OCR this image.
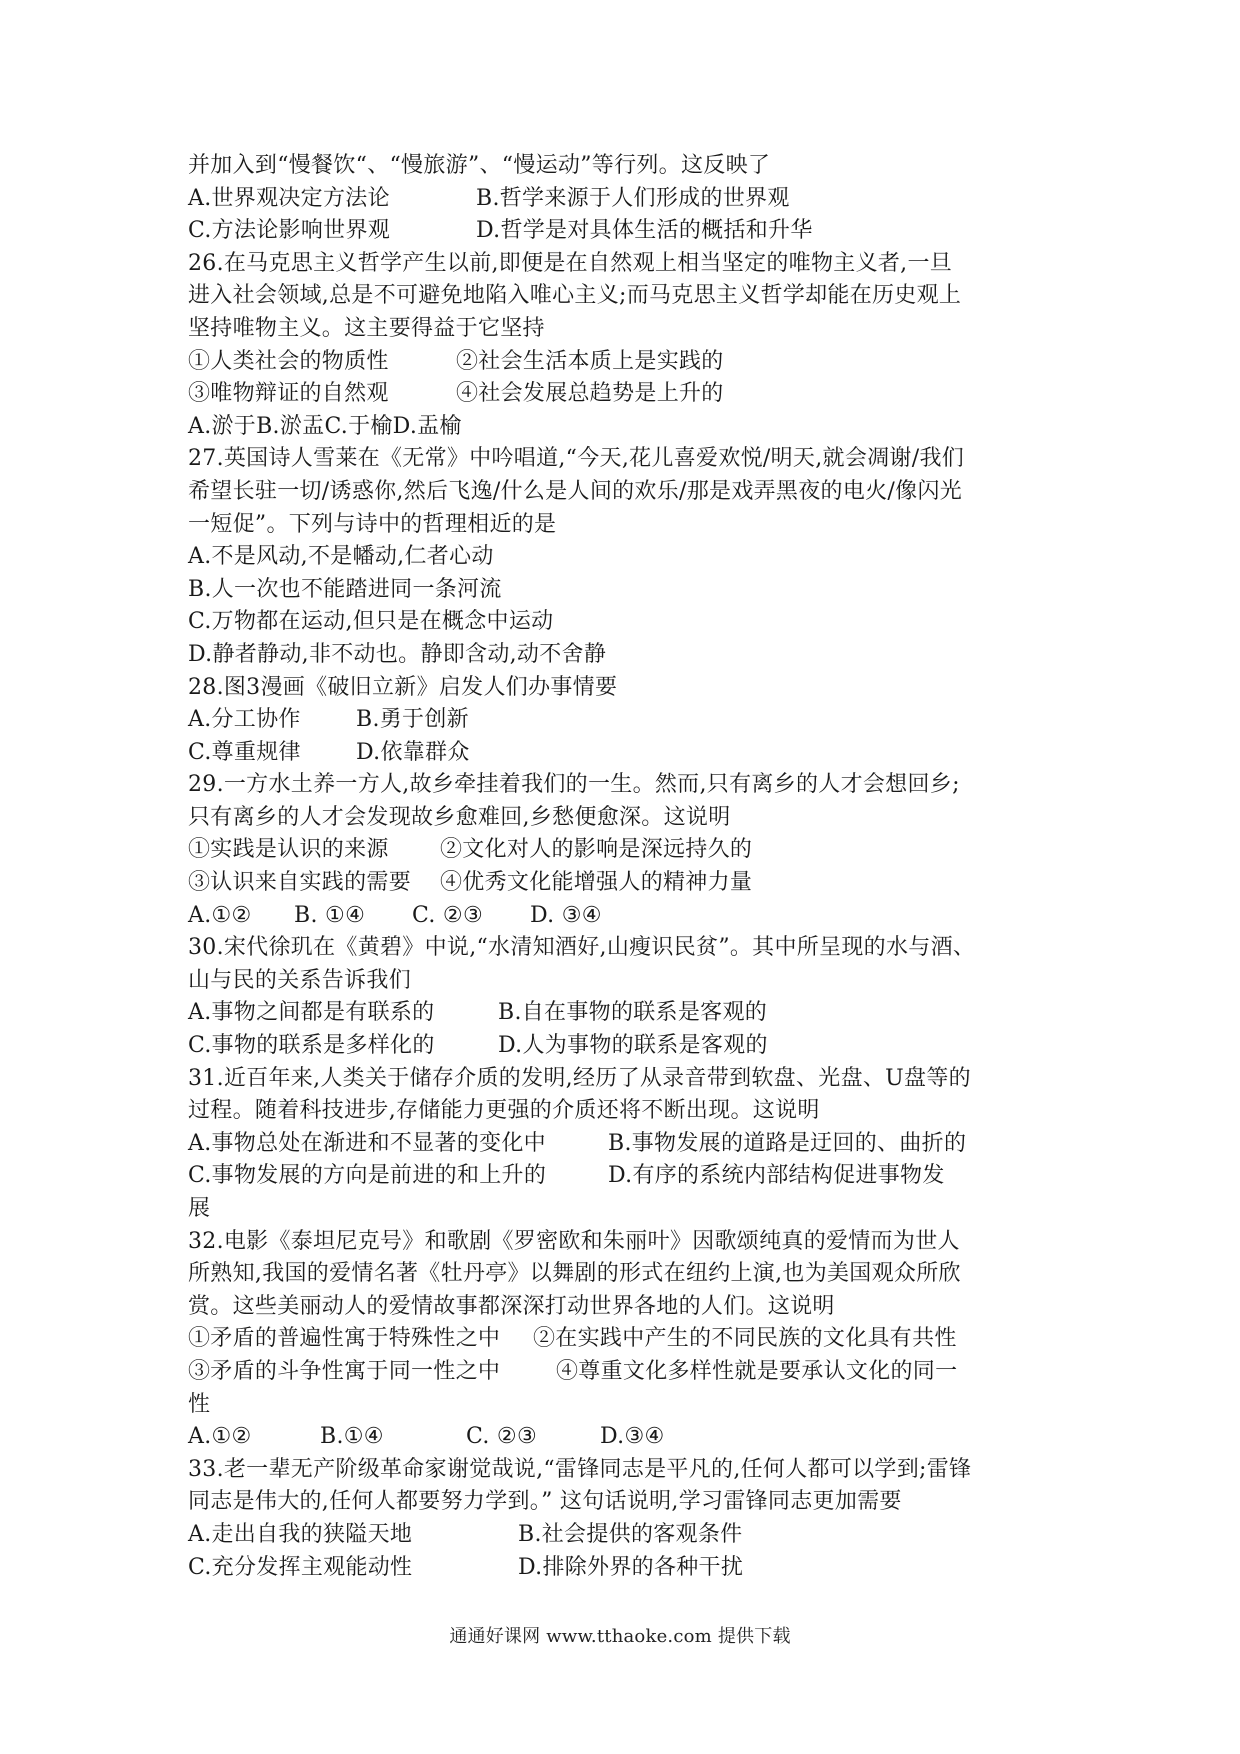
并加入到“慢餐饮“、“慢旅游”、“慢运动”等行列。这反映了
A.世界观决定方法论	B.哲学来源于人们形成的世界观
C.方法论影响世界观	D.哲学是对具体生活的概括和升华
26.在马克思主义哲学产生以前,即便是在自然观上相当坚定的唯物主义者,一旦
进入社会领域,总是不可避免地陷入唯心主义;而马克思主义哲学却能在历史观上
坚持唯物主义。这主要得益于它坚持
①人类社会的物质性	②社会生活本质上是实践的
③唯物辩证的自然观	④社会发展总趋势是上升的
A.淤于B.淤盂C.于榆D.盂榆
27.英国诗人雪莱在《无常》中吟唱道,“今天,花儿喜爱欢悦/明天,就会凋谢/我们
希望长驻一切/诱惑你,然后飞逸/什么是人间的欢乐/那是戏弄黑夜的电火/像闪光
一短促”。下列与诗中的哲理相近的是
A.不是风动,不是幡动,仁者心动
B.人一次也不能踏进同一条河流
C.万物都在运动,但只是在概念中运动
D.静者静动,非不动也。静即含动,动不舍静
28.图3漫画《破旧立新》启发人们办事情要
A.分工协作	B.勇于创新
C.尊重规律	D.依靠群众
29.一方水土养一方人,故乡牵挂着我们的一生。然而,只有离乡的人才会想回乡;
只有离乡的人才会发现故乡愈难回,乡愁便愈深。这说明
①实践是认识的来源	②文化对人的影响是深远持久的
③认识来自实践的需要	④优秀文化能增强人的精神力量
A.①②	B. ①④	C. ②③	D. ③④
30.宋代徐玑在《黄碧》中说,“水清知酒好,山瘦识民贫”。其中所呈现的水与酒、
山与民的关系告诉我们
A.事物之间都是有联系的	B.自在事物的联系是客观的
C.事物的联系是多样化的	D.人为事物的联系是客观的
31.近百年来,人类关于储存介质的发明,经历了从录音带到软盘、光盘、U盘等的
过程。随着科技进步,存储能力更强的介质还将不断出现。这说明
A.事物总处在渐进和不显著的变化中	B.事物发展的道路是迂回的、曲折的
C.事物发展的方向是前进的和上升的	D.有序的系统内部结构促进事物发
展
32.电影《泰坦尼克号》和歌剧《罗密欧和朱丽叶》因歌颂纯真的爱情而为世人
所熟知,我国的爱情名著《牡丹亭》以舞剧的形式在纽约上演,也为美国观众所欣
赏。这些美丽动人的爱情故事都深深打动世界各地的人们。这说明
①矛盾的普遍性寓于特殊性之中	②在实践中产生的不同民族的文化具有共性
③矛盾的斗争性寓于同一性之中	④尊重文化多样性就是要承认文化的同一
性
A.①②	B.①④	C. ②③	D.③④
33.老一辈无产阶级革命家谢觉哉说,“雷锋同志是平凡的,任何人都可以学到;雷锋
同志是伟大的,任何人都要努力学到。” 这句话说明,学习雷锋同志更加需要
A.走出自我的狭隘天地	B.社会提供的客观条件
C.充分发挥主观能动性	D.排除外界的各种干扰
通通好课网 www.tthaoke.com 提供下载
